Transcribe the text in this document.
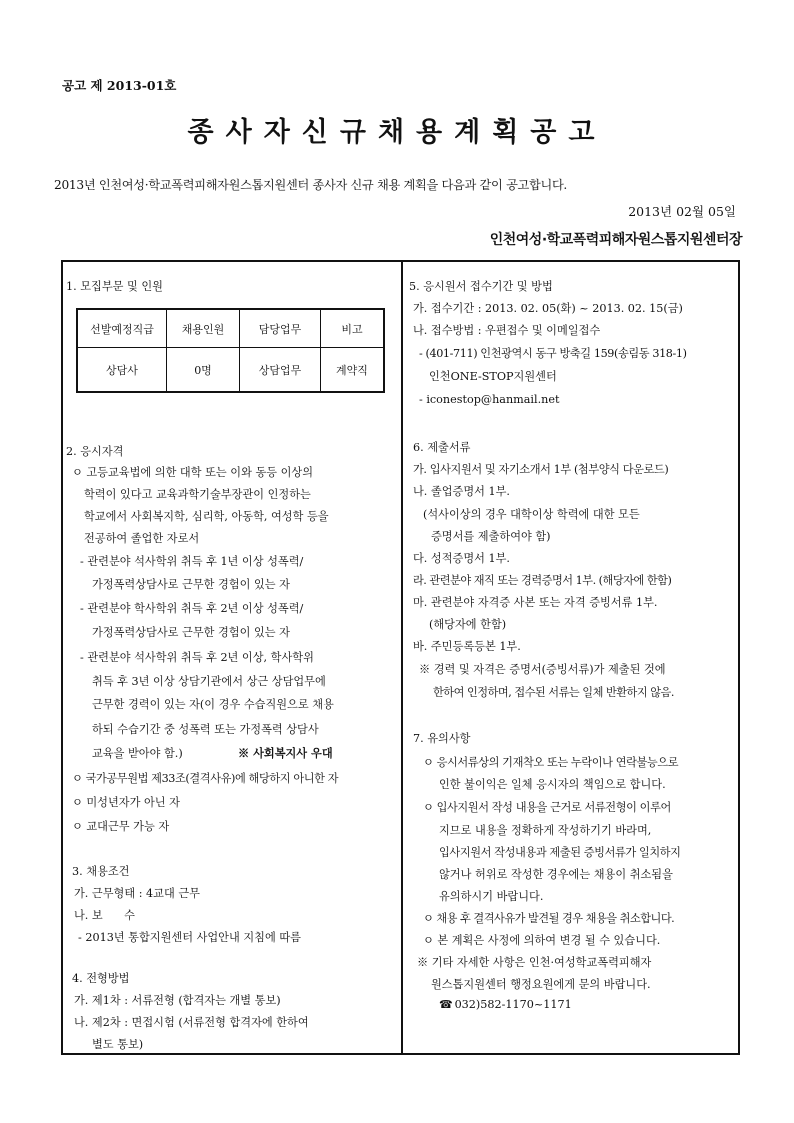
공고 제 2013-01호
종사자신규채용계획공고
2013년 인천여성·학교폭력피해자원스톱지원센터 종사자 신규 채용 계획을 다음과 같이 공고합니다.
2013년 02월 05일
인천여성·학교폭력피해자원스톱지원센터장
1. 모집부문 및 인원
선발예정직급	채용인원	담당업무	비고
상담사	0명	상담업무	계약직
2. 응시자격
ㅇ 고등교육법에 의한 대학 또는 이와 동등 이상의
학력이 있다고 교육과학기술부장관이 인정하는
학교에서 사회복지학, 심리학, 아동학, 여성학 등을
전공하여 졸업한 자로서
- 관련분야 석사학위 취득 후 1년 이상 성폭력/
가정폭력상담사로 근무한 경험이 있는 자
- 관련분야 학사학위 취득 후 2년 이상 성폭력/
가정폭력상담사로 근무한 경험이 있는 자
- 관련분야 석사학위 취득 후 2년 이상, 학사학위
취득 후 3년 이상 상담기관에서 상근 상담업무에
근무한 경력이 있는 자(이 경우 수습직원으로 채용
하되 수습기간 중 성폭력 또는 가정폭력 상담사
교육을 받아야 함.)	※ 사회복지사 우대
ㅇ 국가공무원법 제33조(결격사유)에 해당하지 아니한 자
ㅇ 미성년자가 아닌 자
ㅇ 교대근무 가능 자
3. 채용조건
가. 근무형태 : 4교대 근무
나. 보      수
- 2013년 통합지원센터 사업안내 지침에 따름
4. 전형방법
가. 제1차 : 서류전형 (합격자는 개별 통보)
나. 제2차 : 면접시험 (서류전형 합격자에 한하여
별도 통보)
5. 응시원서 접수기간 및 방법
가. 접수기간 : 2013. 02. 05(화) ~ 2013. 02. 15(금)
나. 접수방법 : 우편접수 및 이메일접수
- (401-711) 인천광역시 동구 방축길 159(송림동 318-1)
인천ONE-STOP지원센터
- iconestop@hanmail.net
6. 제출서류
가. 입사지원서 및 자기소개서 1부 (첨부양식 다운로드)
나. 졸업증명서 1부.
(석사이상의 경우 대학이상 학력에 대한 모든
증명서를 제출하여야 함)
다. 성적증명서 1부.
라. 관련분야 재직 또는 경력증명서 1부. (해당자에 한함)
마. 관련분야 자격증 사본 또는 자격 증빙서류 1부.
(해당자에 한함)
바. 주민등록등본 1부.
※ 경력 및 자격은 증명서(증빙서류)가 제출된 것에
한하여 인정하며, 접수된 서류는 일체 반환하지 않음.
7. 유의사항
ㅇ 응시서류상의 기재착오 또는 누락이나 연락불능으로
인한 불이익은 일체 응시자의 책임으로 합니다.
ㅇ 입사지원서 작성 내용을 근거로 서류전형이 이루어
지므로 내용을 정확하게 작성하기기 바라며,
입사지원서 작성내용과 제출된 증빙서류가 일치하지
않거나 허위로 작성한 경우에는 채용이 취소됨을
유의하시기 바랍니다.
ㅇ 채용 후 결격사유가 발견될 경우 채용을 취소합니다.
ㅇ 본 계획은 사정에 의하여 변경 될 수 있습니다.
※ 기타 자세한 사항은 인천·여성학교폭력피해자
원스톱지원센터 행정요원에게 문의 바랍니다.
☎ 032)582-1170~1171
